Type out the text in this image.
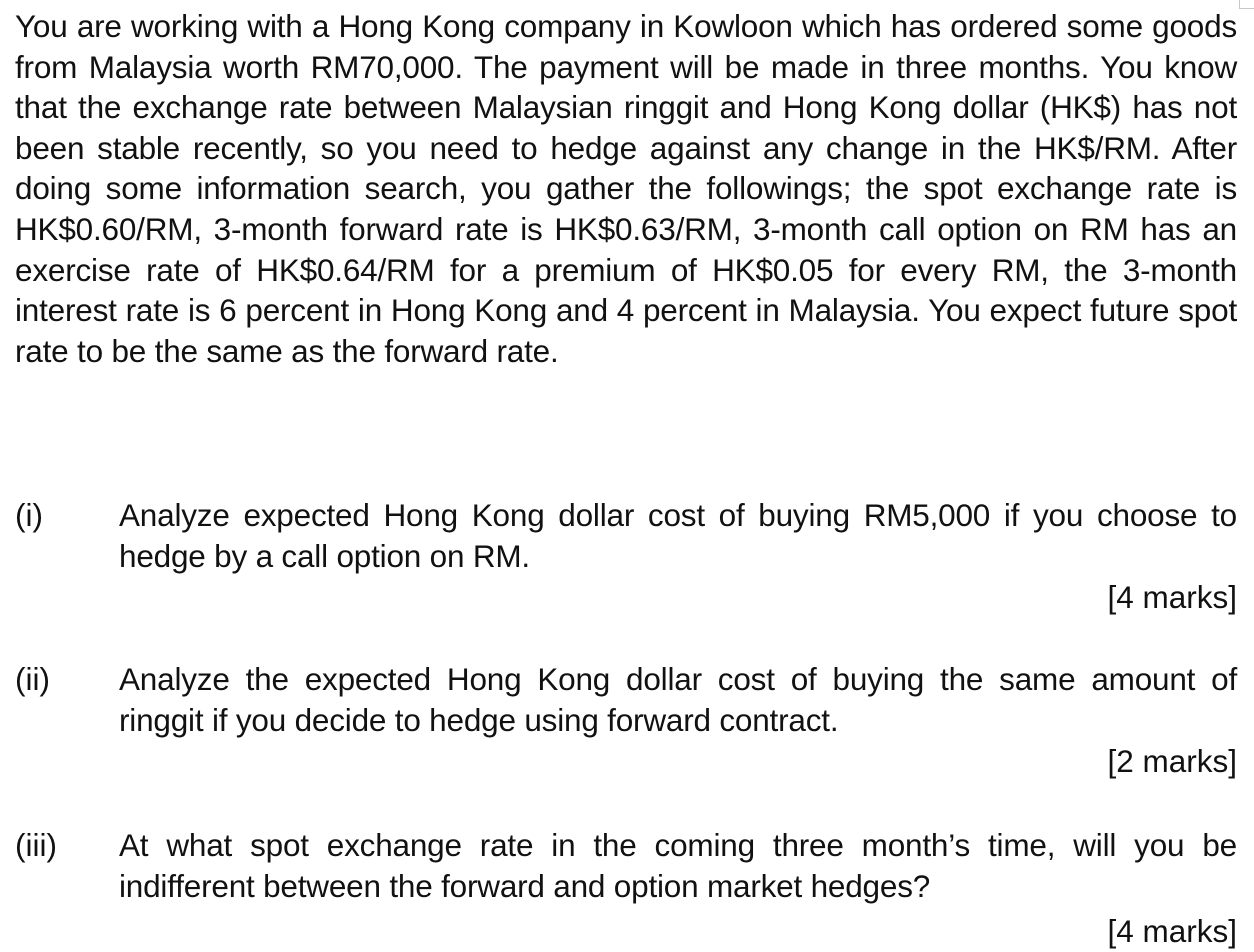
You are working with a Hong Kong company in Kowloon which has ordered some goods from Malaysia worth RM70,000. The payment will be made in three months. You know that the exchange rate between Malaysian ringgit and Hong Kong dollar (HK$) has not been stable recently, so you need to hedge against any change in the HK$/RM. After doing some information search, you gather the followings; the spot exchange rate is HK$0.60/RM, 3-month forward rate is HK$0.63/RM, 3-month call option on RM has an exercise rate of HK$0.64/RM for a premium of HK$0.05 for every RM, the 3-month interest rate is 6 percent in Hong Kong and 4 percent in Malaysia. You expect future spot rate to be the same as the forward rate.

(i) Analyze expected Hong Kong dollar cost of buying RM5,000 if you choose to hedge by a call option on RM.
[4 marks]
(ii) Analyze the expected Hong Kong dollar cost of buying the same amount of ringgit if you decide to hedge using forward contract.
[2 marks]
(iii) At what spot exchange rate in the coming three month’s time, will you be indifferent between the forward and option market hedges?
[4 marks]
